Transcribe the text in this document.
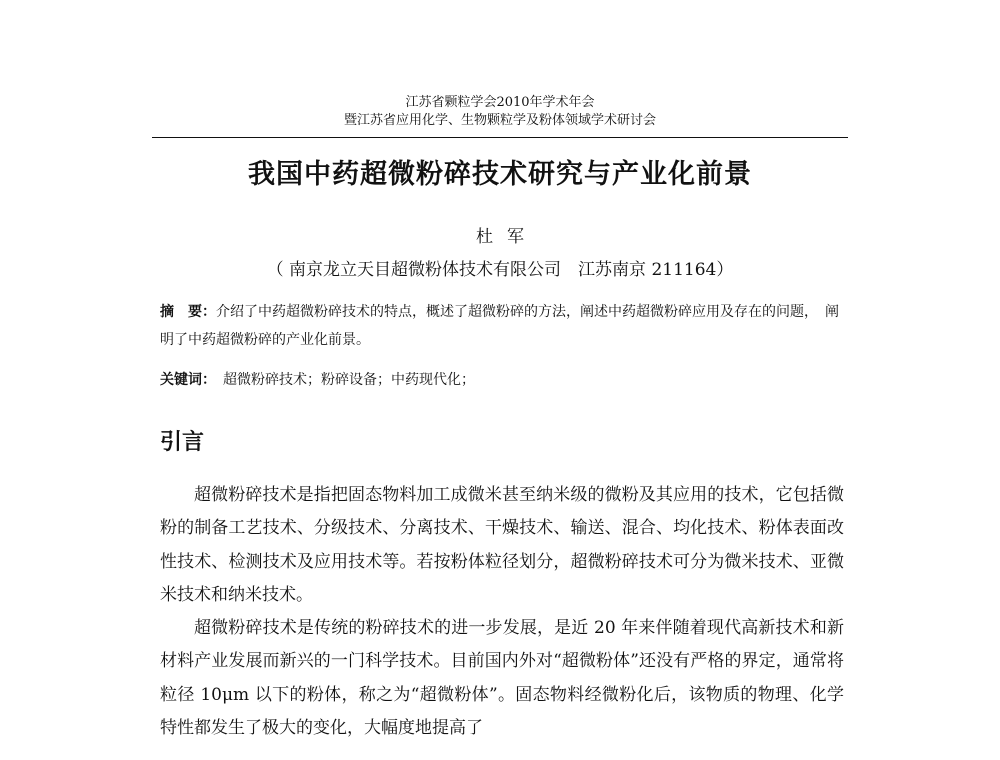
江苏省颗粒学会2010年学术年会
暨江苏省应用化学、生物颗粒学及粉体领域学术研讨会
我国中药超微粉碎技术研究与产业化前景
杜军
（ 南京龙立天目超微粉体技术有限公司　江苏南京 211164）
摘　要：介绍了中药超微粉碎技术的特点，概述了超微粉碎的方法，阐述中药超微粉碎应用及存在的问题，　阐明了中药超微粉碎的产业化前景。
关键词：　超微粉碎技术；粉碎设备；中药现代化；
引言

超微粉碎技术是指把固态物料加工成微米甚至纳米级的微粉及其应用的技术，它包括微粉的制备工艺技术、分级技术、分离技术、干燥技术、输送、混合、均化技术、粉体表面改性技术、检测技术及应用技术等。若按粉体粒径划分，超微粉碎技术可分为微米技术、亚微米技术和纳米技术。

超微粉碎技术是传统的粉碎技术的进一步发展，是近 20 年来伴随着现代高新技术和新材料产业发展而新兴的一门科学技术。目前国内外对“超微粉体”还没有严格的界定，通常将粒径 10μm 以下的粉体，称之为“超微粉体”。固态物料经微粉化后，该物质的物理、化学特性都发生了极大的变化，大幅度地提高了
